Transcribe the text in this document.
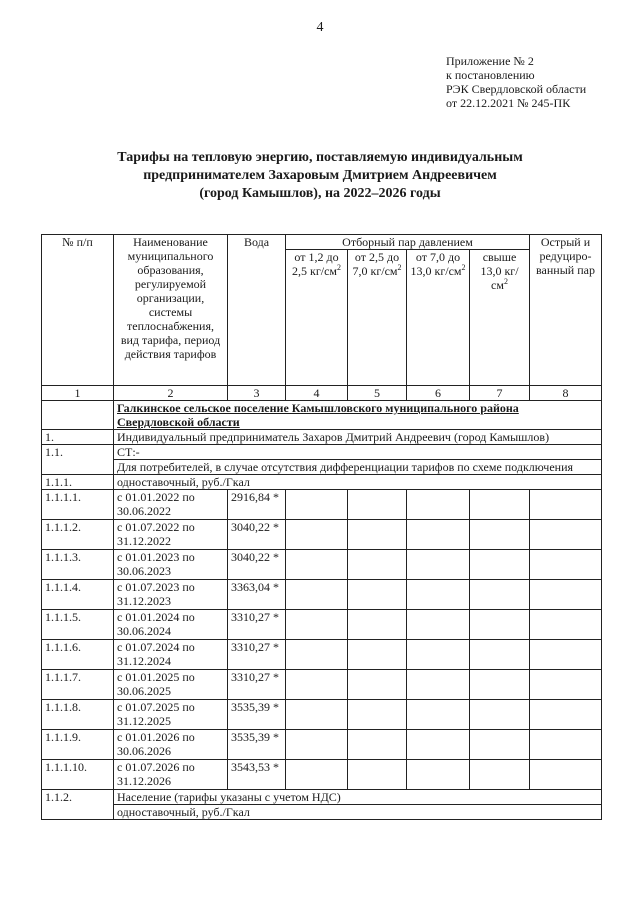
4
Приложение № 2
к постановлению
РЭК Свердловской области
от 22.12.2021 № 245-ПК
Тарифы на тепловую энергию, поставляемую индивидуальным
предпринимателем Захаровым Дмитрием Андреевичем
(город Камышлов), на 2022–2026 годы
№ п/п	Наименование муниципального образования, регулируемой организации, системы теплоснабжения, вид тарифа, период действия тарифов	Вода	Отборный пар давлением				Острый и редуциро-ванный пар
			от 1,2 до 2,5 $кг/см^2$	от 2,5 до 7,0 $кг/см^2$	от 7,0 до 13,0 $кг/см^2$	свыше 13,0 $кг/см^2$
1	2	3	4	5	6	7	8
	Галкинское сельское поселение Камышловского муниципального района Свердловской области						
1.	Индивидуальный предприниматель Захаров Дмитрий Андреевич (город Камышлов)						
1.1.	СТ:-						
	Для потребителей, в случае отсутствия дифференциации тарифов по схеме подключения						
1.1.1.	одноставочный, руб./Гкал						
1.1.1.1.	с 01.01.2022 по 30.06.2022	2916,84 *					
1.1.1.2.	с 01.07.2022 по 31.12.2022	3040,22 *					
1.1.1.3.	с 01.01.2023 по 30.06.2023	3040,22 *					
1.1.1.4.	с 01.07.2023 по 31.12.2023	3363,04 *					
1.1.1.5.	с 01.01.2024 по 30.06.2024	3310,27 *					
1.1.1.6.	с 01.07.2024 по 31.12.2024	3310,27 *					
1.1.1.7.	с 01.01.2025 по 30.06.2025	3310,27 *					
1.1.1.8.	с 01.07.2025 по 31.12.2025	3535,39 *					
1.1.1.9.	с 01.01.2026 по 30.06.2026	3535,39 *					
1.1.1.10.	с 01.07.2026 по 31.12.2026	3543,53 *					
1.1.2.	Население (тарифы указаны с учетом НДС)						
	одноставочный, руб./Гкал						
